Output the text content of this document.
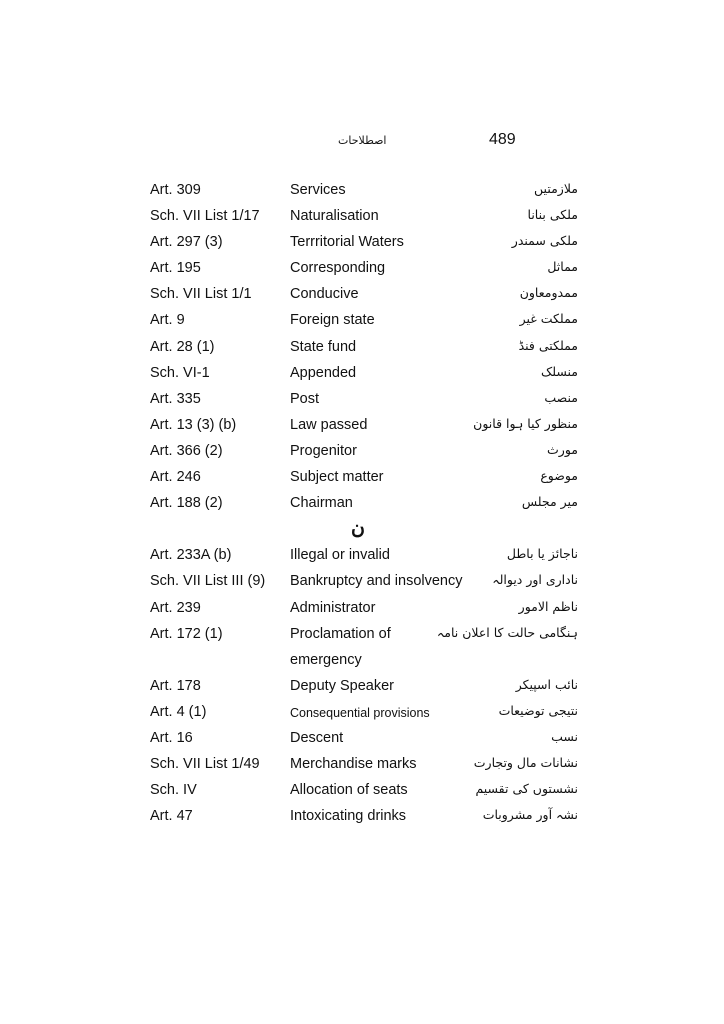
اصطلاحات	489
Art. 309	Services	ملازمتیں
Sch. VII List 1/17 Naturalisation	ملکی بنانا
Art. 297 (3)	Terrritorial Waters	ملکی سمندر
Art. 195	Corresponding	مماثل
Sch. VII List 1/1	Conducive	ممدومعاون
Art. 9	Foreign state	مملکت غیر
Art. 28 (1)	State fund	مملکتی فنڈ
Sch. VI-1	Appended	منسلک
Art. 335	Post	منصب
Art. 13 (3) (b)	Law passed	منظور کیا ہوا قانون
Art. 366 (2)	Progenitor	مورث
Art. 246	Subject matter	موضوع
Art. 188 (2)	Chairman	میر مجلس
ن
Art. 233A (b)	Illegal or invalid	ناجائز یا باطل
Sch. VII List III (9) Bankruptcy and insolvency ناداری اور دیوالہ
Art. 239	Administrator	ناظم الامور
Art. 172 (1)	Proclamation of	ہنگامی حالت کا اعلان نامہ
emergency
Art. 178	Deputy Speaker	نائب اسپیکر
Art. 4 (1)	Consequential provisions	نتیجی توضیعات
Art. 16	Descent	نسب
Sch. VII List 1/49 Merchandise marks	نشانات مال وتجارت
Sch. IV	Allocation of seats	نشستوں کی تقسیم
Art. 47	Intoxicating drinks	نشہ آور مشروبات
